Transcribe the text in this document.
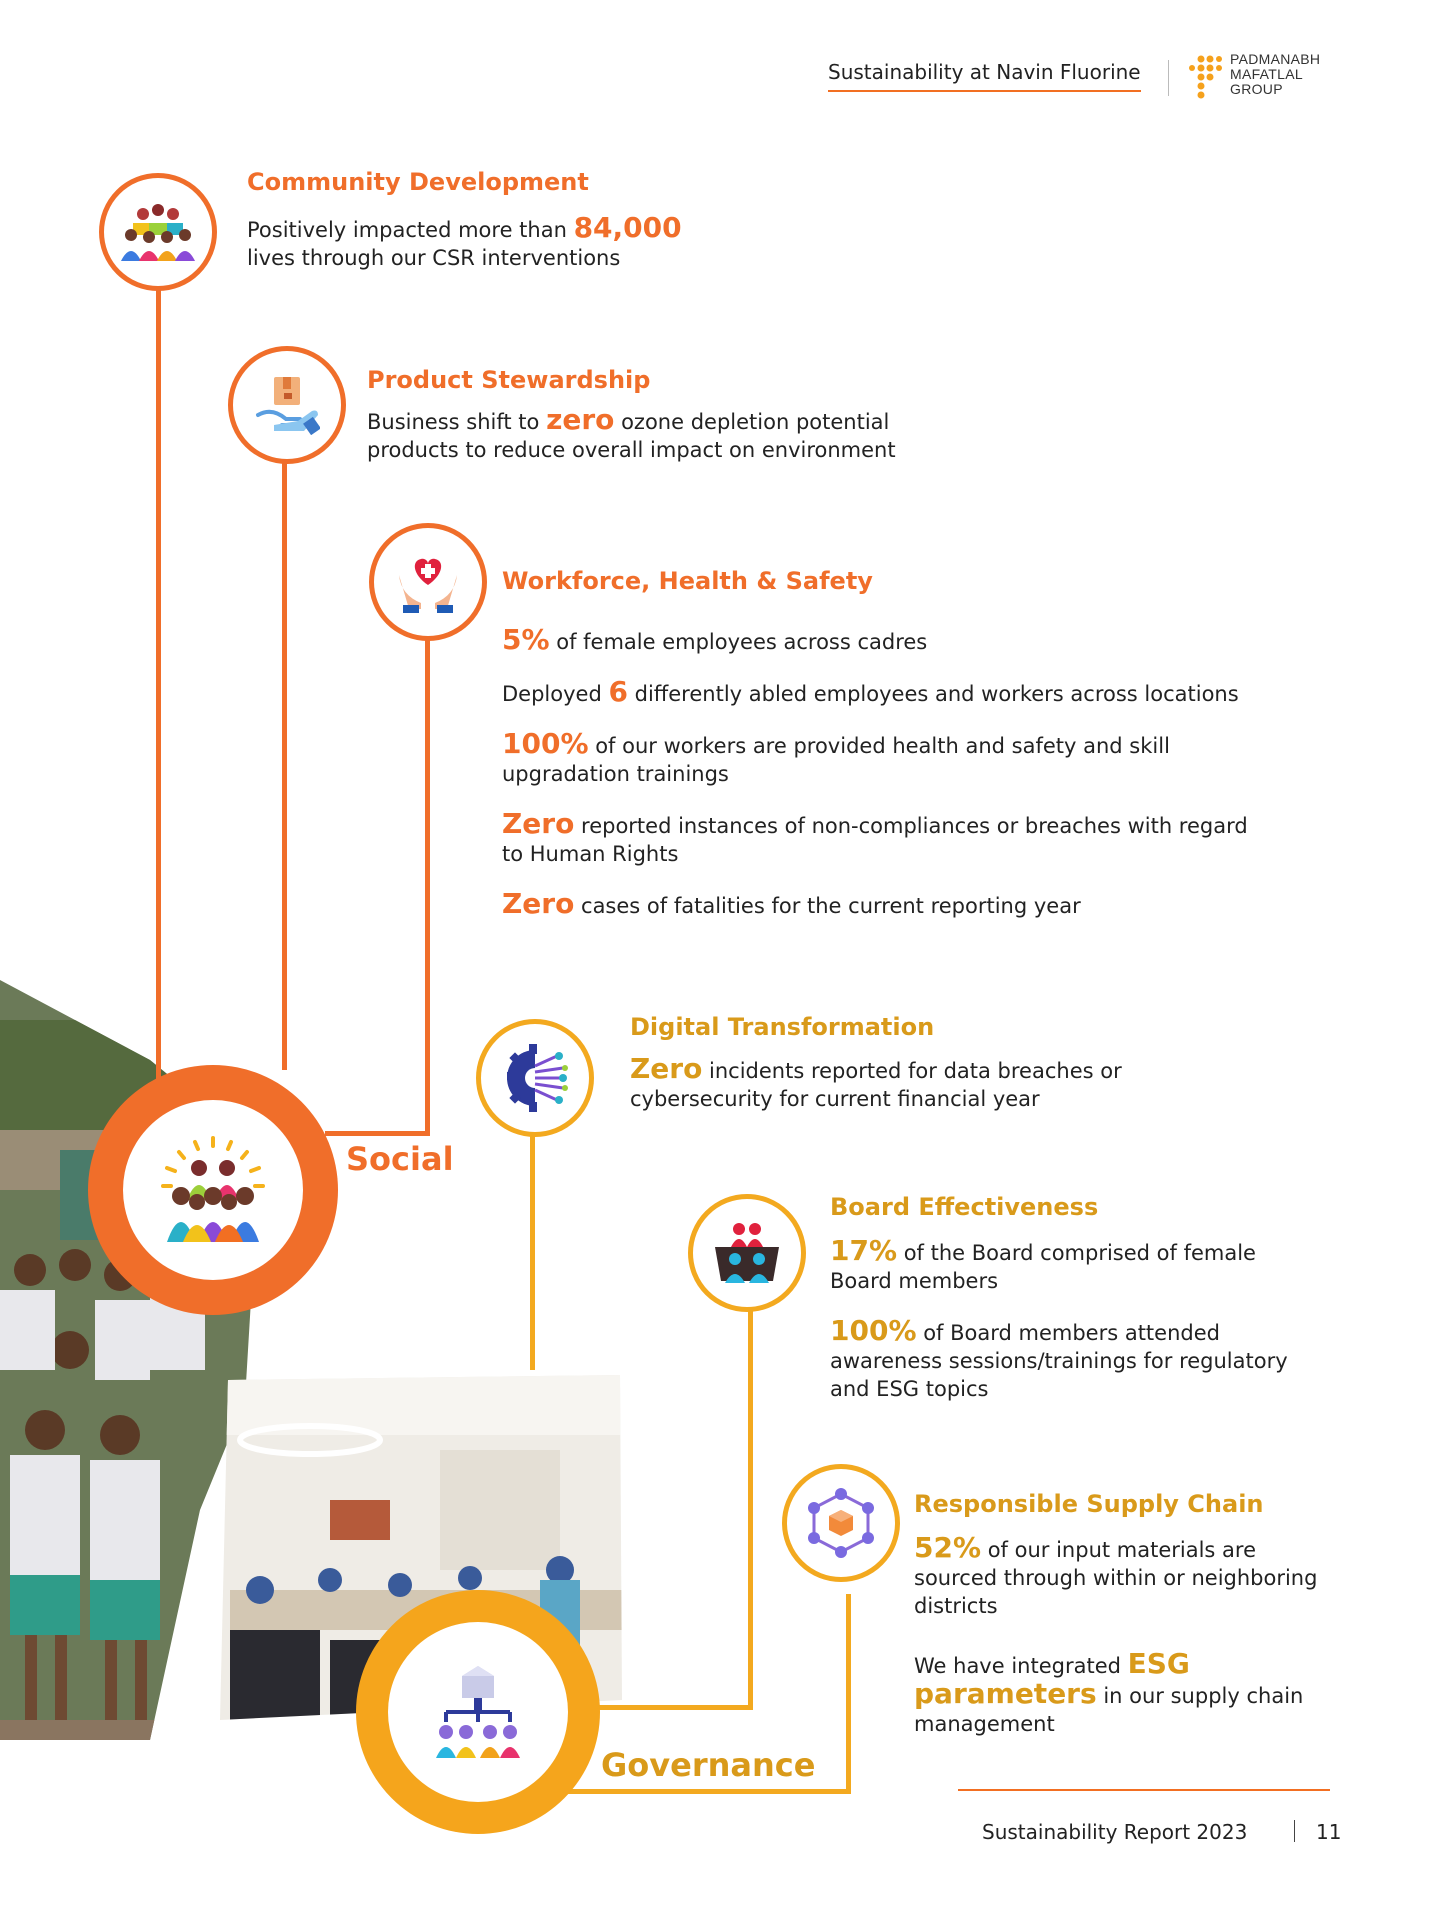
Sustainability at Navin Fluorine
PADMANABH
MAFATLAL
GROUP
Community Development
Positively impacted more than 84,000
lives through our CSR interventions
Product Stewardship
Business shift to zero ozone depletion potential products to reduce overall impact on environment
Workforce, Health & Safety

5% of female employees across cadres

Deployed 6 differently abled employees and workers across locations

100% of our workers are provided health and safety and skill upgradation trainings

Zero reported instances of non-compliances or breaches with regard to Human Rights

Zero cases of fatalities for the current reporting year

Social
Digital Transformation
Zero incidents reported for data breaches or cybersecurity for current financial year
Board Effectiveness

17% of the Board comprised of female Board members

100% of Board members attended awareness sessions/trainings for regulatory and ESG topics

Responsible Supply Chain

52% of our input materials are sourced through within or neighboring districts

We have integrated ESG parameters in our supply chain management

Governance
Sustainability Report 2023	11
